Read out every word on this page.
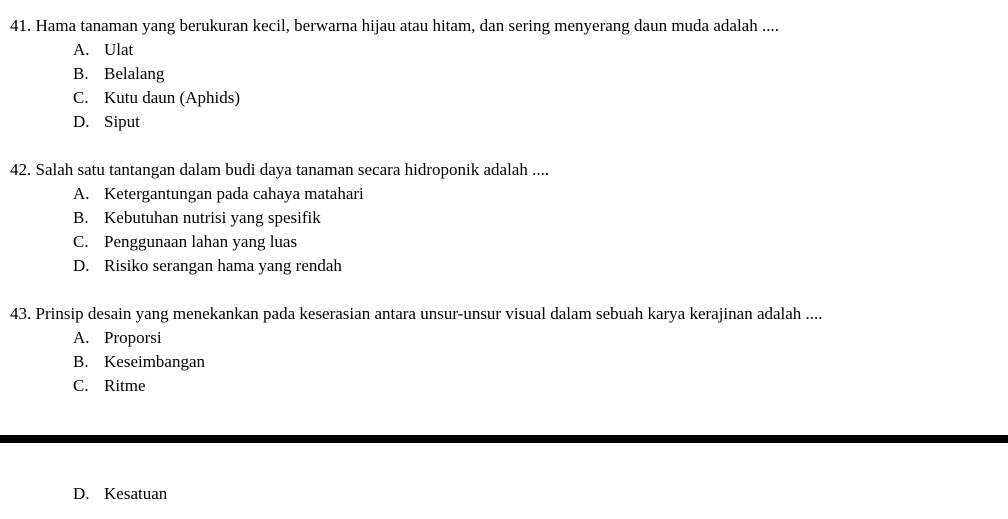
41. Hama tanaman yang berukuran kecil, berwarna hijau atau hitam, dan sering menyerang daun muda adalah ....
A. Ulat
B. Belalang
C. Kutu daun (Aphids)
D. Siput
42. Salah satu tantangan dalam budi daya tanaman secara hidroponik adalah ....
A. Ketergantungan pada cahaya matahari
B. Kebutuhan nutrisi yang spesifik
C. Penggunaan lahan yang luas
D. Risiko serangan hama yang rendah
43. Prinsip desain yang menekankan pada keserasian antara unsur-unsur visual dalam sebuah karya kerajinan adalah ....
A. Proporsi
B. Keseimbangan
C. Ritme
D. Kesatuan
